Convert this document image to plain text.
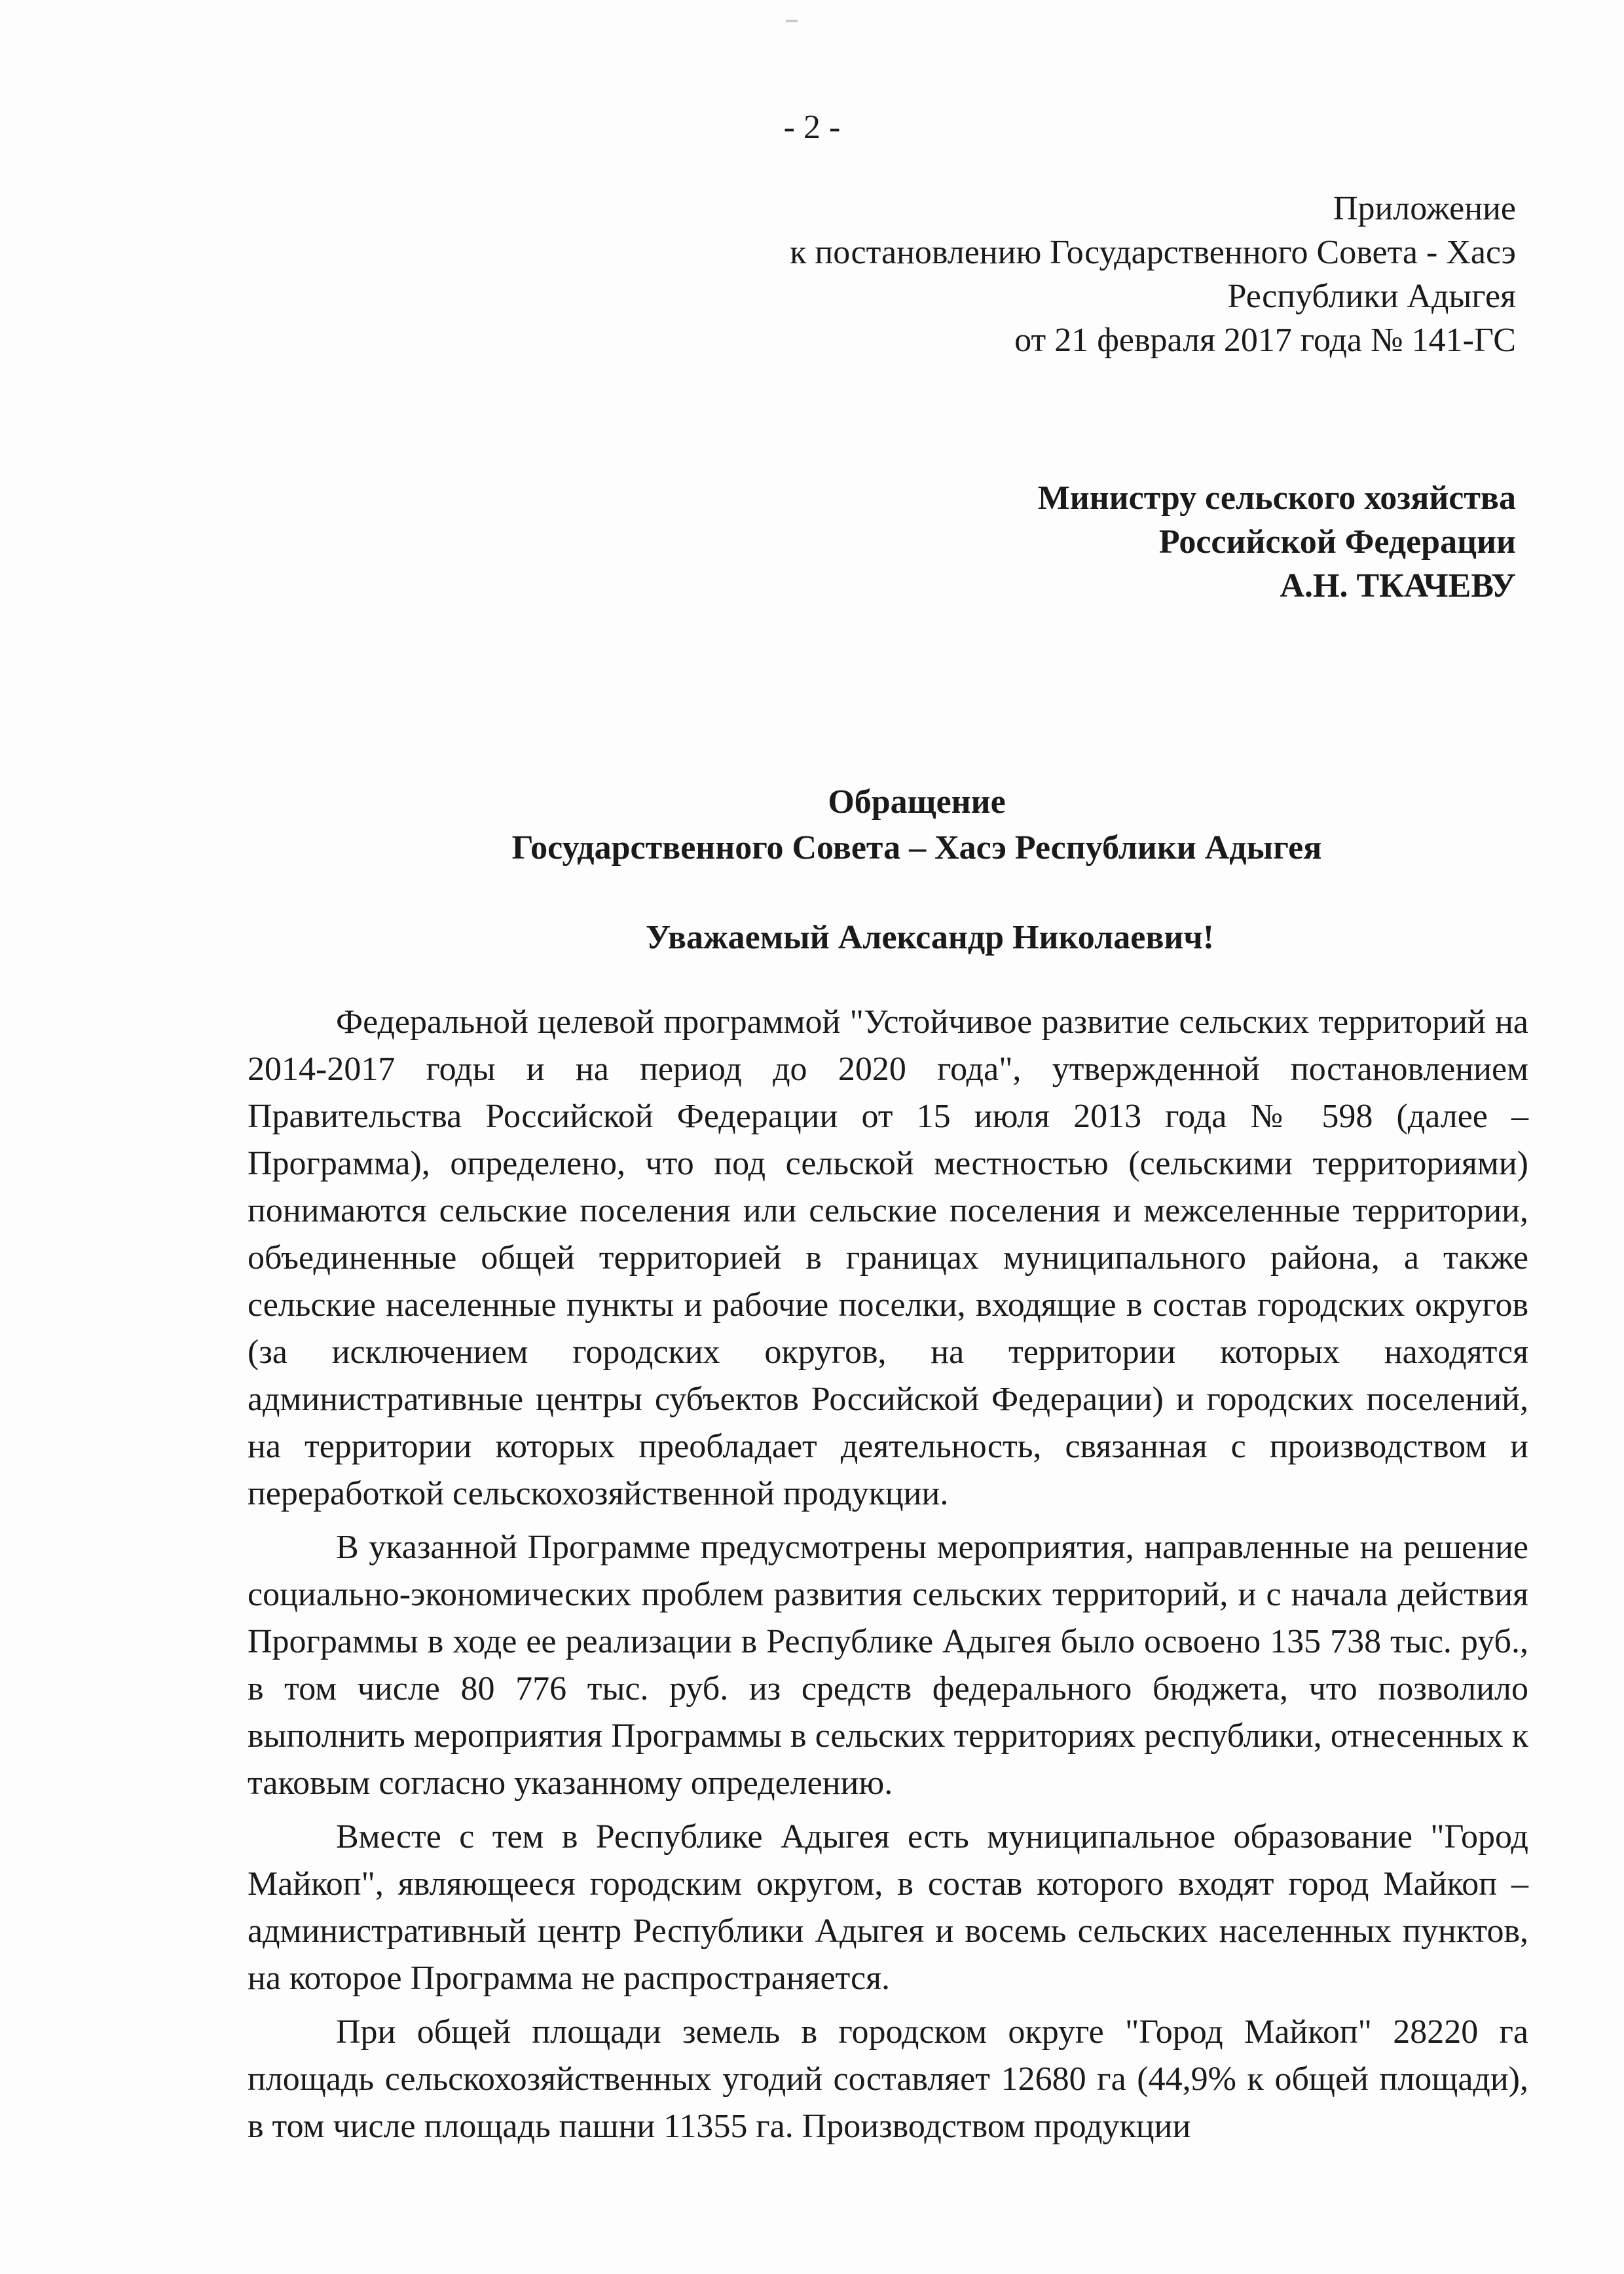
- 2 -
Приложение
к постановлению Государственного Совета - Хасэ
Республики Адыгея
от 21 февраля 2017 года № 141-ГС
Министру сельского хозяйства
Российской Федерации
А.Н. ТКАЧЕВУ
Обращение
Государственного Совета – Хасэ Республики Адыгея
Уважаемый Александр Николаевич!

Федеральной целевой программой "Устойчивое развитие сельских территорий на 2014-2017 годы и на период до 2020 года", утвержденной постановлением Правительства Российской Федерации от 15 июля 2013 года № 598 (далее – Программа), определено, что под сельской местностью (сельскими территориями) понимаются сельские поселения или сельские поселения и межселенные территории, объединенные общей территорией в границах муниципального района, а также сельские населенные пункты и рабочие поселки, входящие в состав городских округов (за исключением городских округов, на территории которых находятся административные центры субъектов Российской Федерации) и городских поселений, на территории которых преобладает деятельность, связанная с производством и переработкой сельскохозяйственной продукции.

В указанной Программе предусмотрены мероприятия, направленные на решение социально-экономических проблем развития сельских территорий, и с начала действия Программы в ходе ее реализации в Республике Адыгея было освоено 135 738 тыс. руб., в том числе 80 776 тыс. руб. из средств федерального бюджета, что позволило выполнить мероприятия Программы в сельских территориях республики, отнесенных к таковым согласно указанному определению.

Вместе с тем в Республике Адыгея есть муниципальное образование "Город Майкоп", являющееся городским округом, в состав которого входят город Майкоп – административный центр Республики Адыгея и восемь сельских населенных пунктов, на которое Программа не распространяется.

При общей площади земель в городском округе "Город Майкоп" 28220 га площадь сельскохозяйственных угодий составляет 12680 га (44,9% к общей площади), в том числе площадь пашни 11355 га. Производством продукции
